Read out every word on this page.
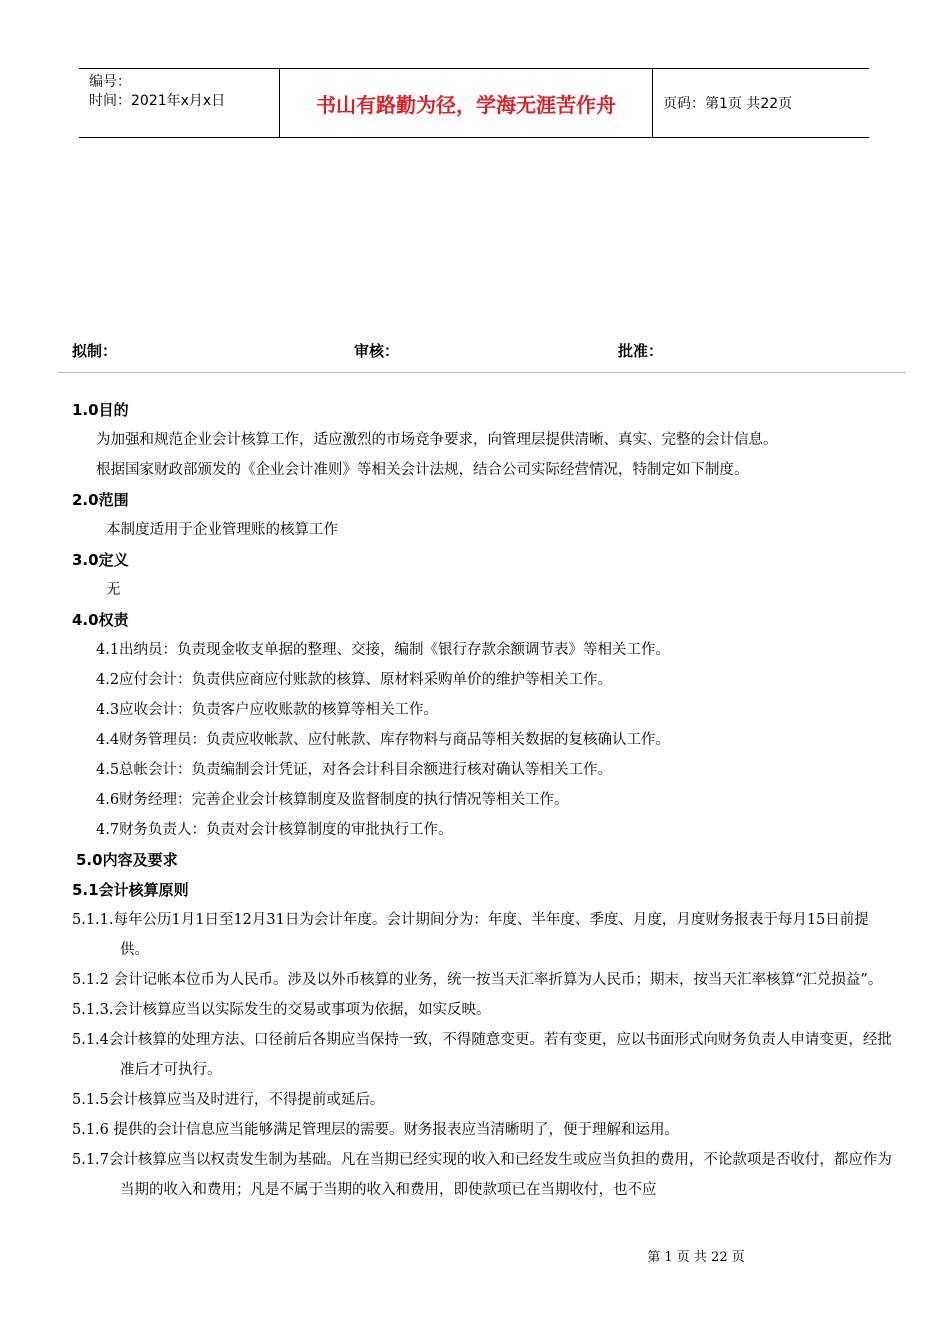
编号：
时间：2021年x月x日	书山有路勤为径，学海无涯苦作舟	页码：第1页 共22页
拟制：	审核：	批准：
1.0目的
为加强和规范企业会计核算工作，适应激烈的市场竞争要求，向管理层提供清晰、真实、完整的会计信息。
根据国家财政部颁发的《企业会计准则》等相关会计法规，结合公司实际经营情况，特制定如下制度。
2.0范围
本制度适用于企业管理账的核算工作
3.0定义
无
4.0权责
4.1出纳员：负责现金收支单据的整理、交接，编制《银行存款余额调节表》等相关工作。
4.2应付会计：负责供应商应付账款的核算、原材料采购单价的维护等相关工作。
4.3应收会计：负责客户应收账款的核算等相关工作。
4.4财务管理员：负责应收帐款、应付帐款、库存物料与商品等相关数据的复核确认工作。
4.5总帐会计：负责编制会计凭证，对各会计科目余额进行核对确认等相关工作。
4.6财务经理：完善企业会计核算制度及监督制度的执行情况等相关工作。
4.7财务负责人：负责对会计核算制度的审批执行工作。
5.0内容及要求
5.1会计核算原则
5.1.1.每年公历1月1日至12月31日为会计年度。会计期间分为：年度、半年度、季度、月度，月度财务报表于每月15日前提供。
5.1.2 会计记帐本位币为人民币。涉及以外币核算的业务，统一按当天汇率折算为人民币；期末，按当天汇率核算“汇兑损益”。
5.1.3.会计核算应当以实际发生的交易或事项为依据，如实反映。
5.1.4会计核算的处理方法、口径前后各期应当保持一致，不得随意变更。若有变更，应以书面形式向财务负责人申请变更，经批准后才可执行。
5.1.5会计核算应当及时进行，不得提前或延后。
5.1.6 提供的会计信息应当能够满足管理层的需要。财务报表应当清晰明了，便于理解和运用。
5.1.7会计核算应当以权责发生制为基础。凡在当期已经实现的收入和已经发生或应当负担的费用，不论款项是否收付，都应作为当期的收入和费用；凡是不属于当期的收入和费用，即使款项已在当期收付，也不应
第 1 页 共 22 页
